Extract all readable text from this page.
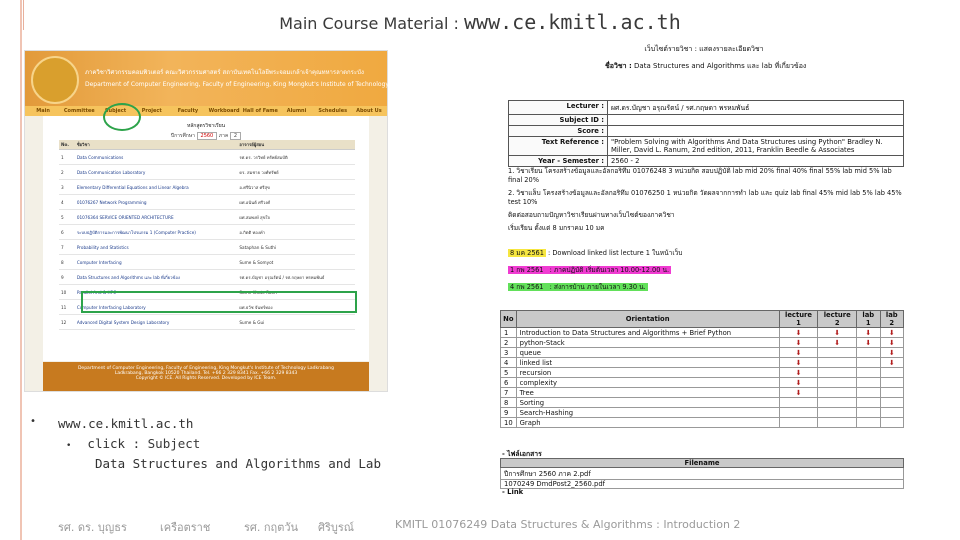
Main Course Material : www.ce.kmitl.ac.th
ภาควิชาวิศวกรรมคอมพิวเตอร์ คณะวิศวกรรมศาสตร์ สถาบันเทคโนโลยีพระจอมเกล้าเจ้าคุณทหารลาดกระบัง
Department of Computer Engineering, Faculty of Engineering, King Mongkut's Institute of Technology Ladkrabang
Main	Committee	Subject	Project	Faculty	Workboard Hall of Fame	Alumni	Schedules	About Us
หลักสูตรวิชาเรียน
ปีการศึกษา 2560 ภาค 2
No.	ชื่อวิชา	อาจารย์ผู้สอน
1	Data Communications	รศ.ดร. วรวิทย์ ทรัพย์สมบัติ
2	Data Communication Laboratory	ดร. สมชาย วงศ์ทรัพย์
3	Elementary Differential Equations and Linear Algebra	อ.ศรีนิวาส ศรีสุข
4	01076267 Network Programming	ผศ.อนันต์ ศรีวงศ์
5	01076364 SERVICE ORIENTED ARCHITECTURE	ผศ.สมพงษ์ สุขใจ
6	ระบบปฏิบัติการและการพัฒนาโปรแกรม 1 (Computer Practice)	อ.กิตติ ทองคำ
7	Probability and Statistics	Sataphan & Suthi
8	Computer Interfacing	Sume & Somyot
9	Data Structures and Algorithms และ lab ที่เกี่ยวข้อง	รศ.ดร.บัญชา อรุณรัตน์ / รศ.กฤษดา พรหมพันธ์
10	Parallel And & HPC	Sume Khate Ruen
11	Computer Interfacing Laboratory	ผศ.ธวัช จันทร์ทอง
12	Advanced Digital System Design Laboratory	Sume & Gui
Department of Computer Engineering, Faculty of Engineering, King Mongkut's Institute of Technology Ladkrabang
Ladkrabang, Bangkok 10520 Thailand. Tel. +66 2 329 8341 Fax. +66 2 329 8343
Copyright © ICE. All Rights Reserved. Developed by ICE Team.
• www.ce.kmitl.ac.th
• click : Subject
Data Structures and Algorithms and Lab
เว็บไซต์รายวิชา : แสดงรายละเอียดวิชา
ชื่อวิชา : Data Structures and Algorithms และ lab ที่เกี่ยวข้อง
Lecturer :	ผศ.ดร.บัญชา อรุณรัตน์ / รศ.กฤษดา พรหมพันธ์
Subject ID :	
Score :	
Text Reference :	"Problem Solving with Algorithms And Data Structures using Python" Bradley N. Miller, David L. Ranum, 2nd edition, 2011, Franklin Beedle & Associates
Year - Semester :	2560 - 2
1. วิชาเรียน โครงสร้างข้อมูลและอัลกอริทึม 01076248 3 หน่วยกิต สอบปฏิบัติ lab mid 20% final 40% final 55% lab mid 5% lab final 20%
2. วิชาแล็บ โครงสร้างข้อมูลและอัลกอริทึม 01076250 1 หน่วยกิต วัดผลจากการทำ lab และ quiz lab final 45% mid lab 5% lab 45% test 10%
ติดต่อสอบถามปัญหาวิชาเรียนผ่านทางเว็บไซต์ของภาควิชา
เริ่มเรียน ตั้งแต่ 8 มกราคม 10 มค
8 มค 2561 : Download linked list lecture 1 ในหน้าเว็บ
1 กพ 2561 : ภาคปฏิบัติ เริ่มต้นเวลา 10.00-12.00 น.
4 กพ 2561 : ส่งการบ้าน ภายในเวลา 9.30 น.
No	Orientation	lecture 1	lecture 2	lab 1	lab 2
1	Introduction to Data Structures and Algorithms + Brief Python	⬇	⬇	⬇	⬇
2	python-Stack	⬇	⬇	⬇	⬇
3	queue	⬇			⬇
4	linked list	⬇			⬇
5	recursion	⬇			
6	complexity	⬇			
7	Tree	⬇			
8	Sorting				
9	Search-Hashing				
10	Graph				
- ไฟล์เอกสาร
Filename
ปีการศึกษา 2560 ภาค 2.pdf
1070249 DmdPost2_2560.pdf
- Link
รศ. ดร. บุญธร	เครือตราช	รศ. กฤตวัน ศิริบูรณ์	KMITL 01076249 Data Structures & Algorithms : Introduction 2
